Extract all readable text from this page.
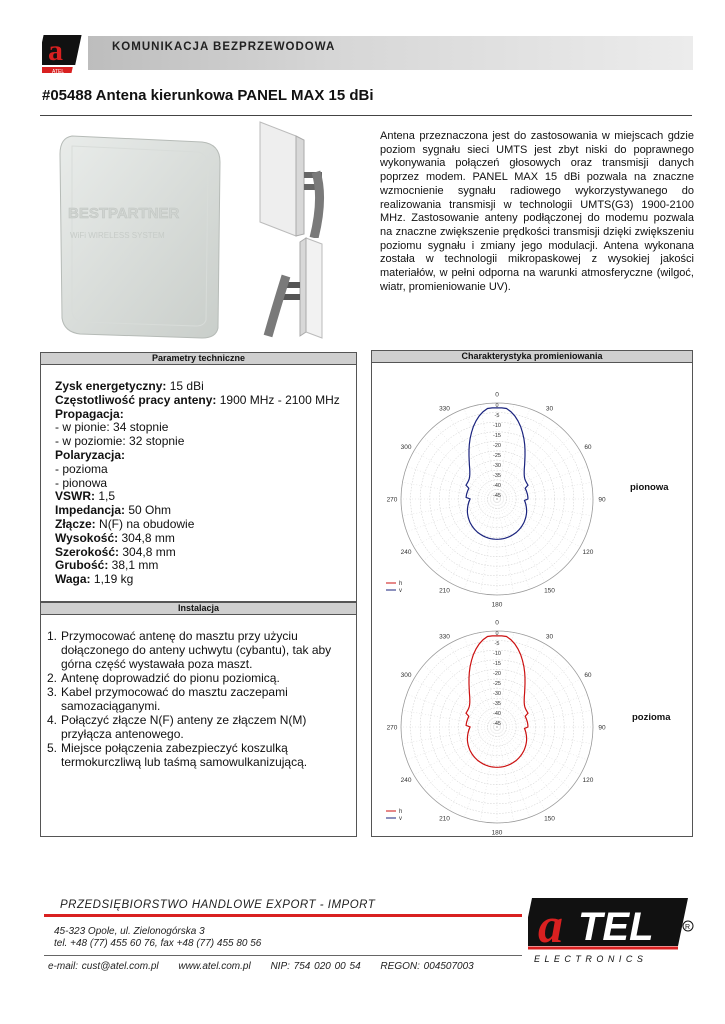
KOMUNIKACJA BEZPRZEWODOWA
a
ATEL
#05488 Antena kierunkowa PANEL MAX 15 dBi
BESTPARTNER
WiFi WIRELESS SYSTEM
Antena przeznaczona jest do zastosowania w miejscach gdzie poziom sygnału sieci UMTS jest zbyt niski do poprawnego wykonywania połączeń głosowych oraz transmisji danych poprzez modem. PANEL MAX 15 dBi pozwala na znaczne wzmocnienie sygnału radiowego wykorzystywanego do realizowania transmisji w technologii UMTS(G3) 1900-2100 MHz. Zastosowanie anteny podłączonej do modemu pozwala na znaczne zwiększenie prędkości transmisji dzięki zwiększeniu poziomu sygnału i zmiany jego modulacji. Antena wykonana została w technologii mikropaskowej z wysokiej jakości materiałów, w pełni odporna na warunki atmosferyczne (wilgoć, wiatr, promieniowanie UV).
Parametry techniczne
Zysk energetyczny: 15 dBi
Częstotliwość pracy anteny: 1900 MHz - 2100 MHz
Propagacja:
- w pionie: 34 stopnie
- w poziomie: 32 stopnie
Polaryzacja:
- pozioma
- pionowa
VSWR: 1,5
Impedancja: 50 Ohm
Złącze: N(F) na obudowie
Wysokość: 304,8 mm
Szerokość: 304,8 mm
Grubość: 38,1 mm
Waga: 1,19 kg
Instalacja
1. Przymocować antenę do masztu przy użyciu dołączonego do anteny uchwytu (cybantu), tak aby górna część wystawała poza maszt.
2. Antenę doprowadzić do pionu poziomicą.
3. Kabel przymocować do masztu zaczepami samozaciąganymi.
4. Połączyć złącze N(F) anteny ze złączem N(M) przyłącza antenowego.
5. Miejsce połączenia zabezpieczyć koszulką termokurczliwą lub taśmą samowulkanizującą.
Charakterystyka promieniowania
0
30
60
90
120
150
180
210
240
270
300
330	0
-5
-10
-15
-20
-25
-30
-35
-40
-45
h
v
pionowa
0
30
60
90
120
150
180
210
240
270
300
330	0
-5
-10
-15
-20
-25
-30
-35
-40
-45
h
v
pozioma
PRZEDSIĘBIORSTWO HANDLOWE EXPORT - IMPORT
45-323 Opole, ul. Zielonogórska 3
tel. +48 (77) 455 60 76, fax +48 (77) 455 80 56
e-mail: cust@atel.com.pl www.atel.com.pl NIP: 754 020 00 54 REGON: 004507003
a TEL	R
E L E C T R O N I C S
